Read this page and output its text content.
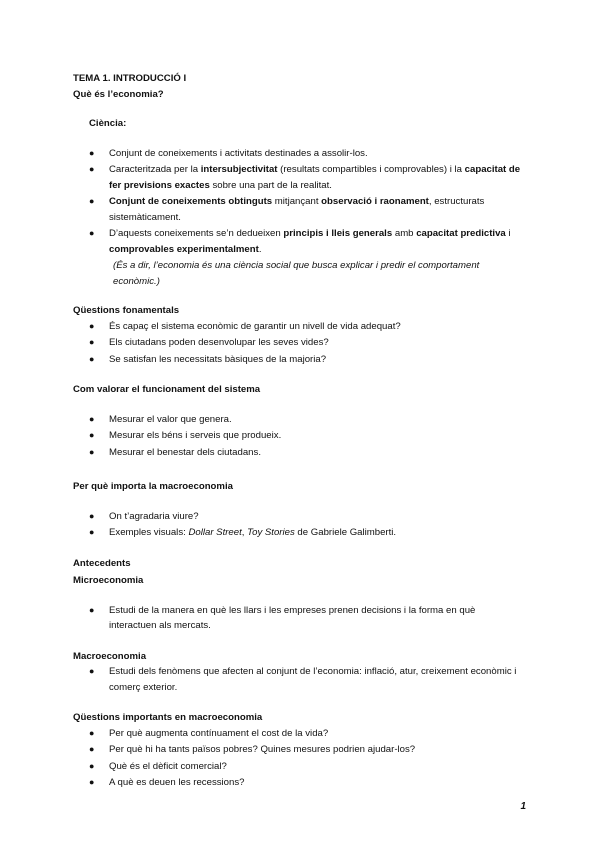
TEMA 1. INTRODUCCIÓ I

Què és l’economia?

Ciència:

● Conjunt de coneixements i activitats destinades a assolir-los.
● Caracteritzada per la intersubjectivitat (resultats compartibles i comprovables) i la capacitat de fer previsions exactes sobre una part de la realitat.
● Conjunt de coneixements obtinguts mitjançant observació i raonament, estructurats sistemàticament.
● D’aquests coneixements se’n dedueixen principis i lleis generals amb capacitat predictiva i comprovables experimentalment.

(És a dir, l’economia és una ciència social que busca explicar i predir el comportament econòmic.)

Qüestions fonamentals

● És capaç el sistema econòmic de garantir un nivell de vida adequat?
● Els ciutadans poden desenvolupar les seves vides?
● Se satisfan les necessitats bàsiques de la majoria?

Com valorar el funcionament del sistema

● Mesurar el valor que genera.
● Mesurar els béns i serveis que produeix.
● Mesurar el benestar dels ciutadans.

Per què importa la macroeconomia

● On t’agradaria viure?
● Exemples visuals: Dollar Street, Toy Stories de Gabriele Galimberti.

Antecedents

Microeconomia

● Estudi de la manera en què les llars i les empreses prenen decisions i la forma en què interactuen als mercats.

Macroeconomia

● Estudi dels fenòmens que afecten al conjunt de l’economia: inflació, atur, creixement econòmic i comerç exterior.

Qüestions importants en macroeconomia

● Per què augmenta contínuament el cost de la vida?
● Per què hi ha tants països pobres? Quines mesures podrien ajudar-los?
● Què és el dèficit comercial?
● A què es deuen les recessions?
1
